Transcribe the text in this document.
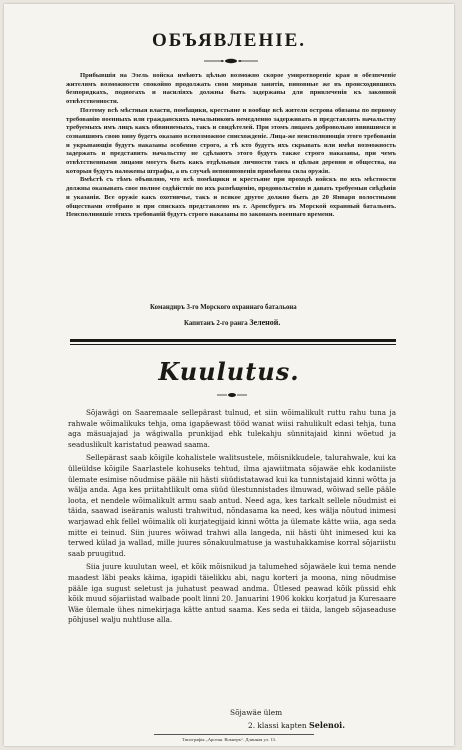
ОБЪЯВЛЕНІЕ.

Прибывшія на Эзель войска имѣютъ цѣлью возможно скорое умиротвореніе края и обезпеченіе жителямъ возможности спокойно продолжать свои мирныя занятія, виновные же въ происходившихъ безпорядкахъ, подвогахъ и насиліяхъ должны быть задержаны для привлеченія къ законной отвѣтственности.

Поэтому всѣ мѣстныя власти, помѣщики, крестьяне и вообще всѣ жители острова обязаны по первому требованію военныхъ или гражданскихъ начальниковъ немедленно задерживать и представлять начальству требуемыхъ имъ лицъ какъ обвиняемыхъ, такъ и свидѣтелей. При этомъ лицамъ добровольно явившимся и сознавшимъ свою вину будетъ оказано всевозможное снисхожденіе. Лица-же неисполняющія этого требованія и укрывающія будутъ наказаны особенно строго, а тѣ кто будутъ ихъ скрывать или имѣя возможность задержать и представить начальству не сдѣлаютъ этого будутъ также строго наказаны, при чемъ отвѣтственными лицами могутъ быть какъ отдѣльныя личности такъ и цѣлыя деревни и общества, на которыя будутъ наложены штрафы, а въ случаѣ неповиновенія примѣнена сила оружія.

Вмѣстѣ съ тѣмъ объявляю, что всѣ помѣщики и крестьяне при проходѣ войскъ по ихъ мѣстности должны оказывать свое полное содѣйствіе по ихъ размѣщенію, продовольствію и давать требуемыя свѣдѣнія и указанія. Все оружіе какъ охотничье, такъ и всякое другое должно быть до 20 Января волостными обществами отобрано и при спискахъ представлено въ г. Аренсбургъ въ Морской охранный батальонъ. Неисполнившіе этихъ требованій будутъ строго наказаны по законамъ военнаго времени.

Командиръ 3-го Морского охраннаго батальона
Капитанъ 2-го ранга Зеленой.
Kuulutus.

Sõjawägi on Saaremaale sellepärast tulnud, et siin wõimalikult ruttu rahu tuna ja rahwale wõimalikuks tehja, oma igapäewast tööd wanat wiisi rahulikult edasi tehja, tuna aga mäsuajajad ja wägiwalla prunkijad ehk tulekahju sünnitajaid kinni wõetud ja seaduslikult karistatud peawad saama.

Sellepärast saab kõigile kohalistele walitsustele, mõisnikkudele, talurahwale, kui ka ülleüldse kõigile Saarlastele kohuseks tehtud, ilma ajawiitmata sõjawäe ehk kodaniiste ülemate esimise nõudmise pääle nii hästi süüdistatawad kui ka tunnistajaid kinni wõtta ja wälja anda. Aga kes priitahtlikult oma süüd ülestunnistades ilmuwad, wõiwad selle pääle loota, et nendele wõimalikult armu saab antud. Need aga, kes tarkalt sellele nõudmist ei täida, saawad iseäranis walusti trahwitud, nõndasama ka need, kes wälja nõutud inimesi warjawad ehk fellel wõimalik oli kurjategijaid kinni wõtta ja ülemate kätte wiia, aga seda mitte ei teinud. Siin juures wõiwad trahwi alla langeda, nii hästi üht inimesed kui ka terwed külad ja wallad, mille juures sõnakuulmatuse ja wastuhakkamise korral sõjariistu saab pruugitud.

Siia juure kuulutan weel, et kõik mõisnikud ja talumehed sõjawäele kui tema nende maadest läbi peaks käima, igapidi täielikku abi, nagu korteri ja moona, ning nõudmise pääle iga sugust seletust ja juhatust peawad andma. Ütlesed peawad kõik püssid ehk kõik muud sõjariistad walbade poolt linni 20. Januarini 1906 kokku korjatud ja Kuresaare Wäe ülemale ühes nimekirjaga kätte antud saama. Kes seda ei täida, langeb sõjaseaduse põhjusel walju nuhtluse alla.

Sõjawäe ülem
2. klassi kapten Selenoi.
Типографія „Арсеня. Вокнеръ“. Длинная ул. 13.
